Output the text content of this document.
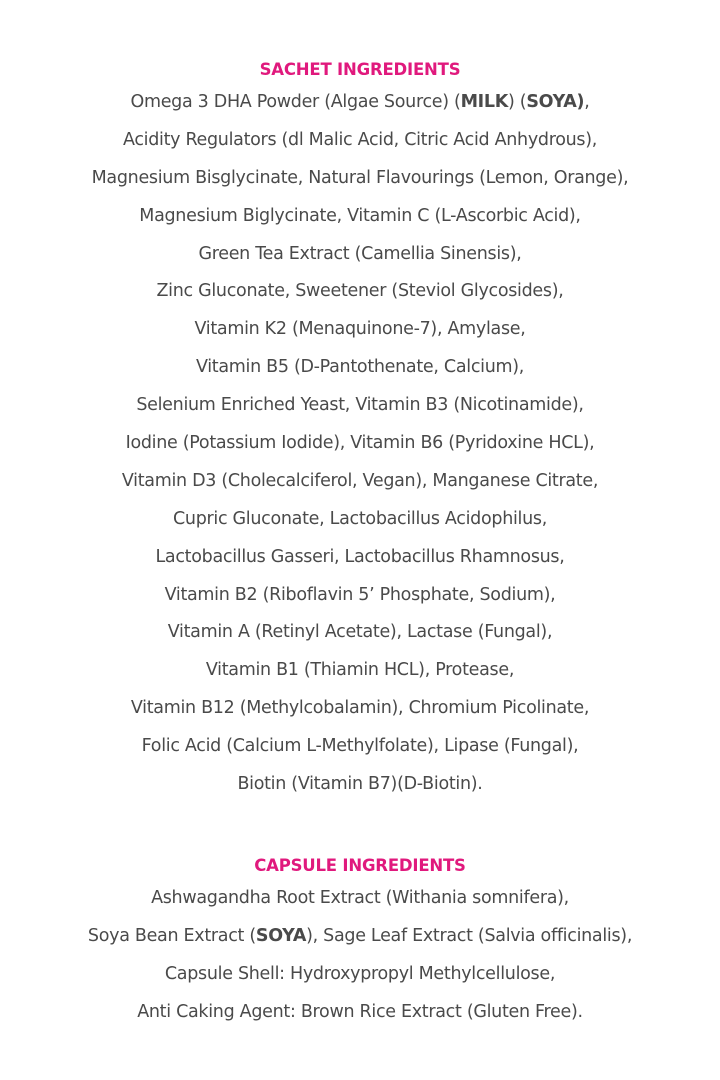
SACHET INGREDIENTS
Omega 3 DHA Powder (Algae Source) (MILK) (SOYA),
Acidity Regulators (dl Malic Acid, Citric Acid Anhydrous),
Magnesium Bisglycinate, Natural Flavourings (Lemon, Orange),
Magnesium Biglycinate, Vitamin C (L-Ascorbic Acid),
Green Tea Extract (Camellia Sinensis),
Zinc Gluconate, Sweetener (Steviol Glycosides),
Vitamin K2 (Menaquinone-7), Amylase,
Vitamin B5 (D-Pantothenate, Calcium),
Selenium Enriched Yeast, Vitamin B3 (Nicotinamide),
Iodine (Potassium Iodide), Vitamin B6 (Pyridoxine HCL),
Vitamin D3 (Cholecalciferol, Vegan), Manganese Citrate,
Cupric Gluconate, Lactobacillus Acidophilus,
Lactobacillus Gasseri, Lactobacillus Rhamnosus,
Vitamin B2 (Riboflavin 5’ Phosphate, Sodium),
Vitamin A (Retinyl Acetate), Lactase (Fungal),
Vitamin B1 (Thiamin HCL), Protease,
Vitamin B12 (Methylcobalamin), Chromium Picolinate,
Folic Acid (Calcium L-Methylfolate), Lipase (Fungal),
Biotin (Vitamin B7)(D-Biotin).
CAPSULE INGREDIENTS
Ashwagandha Root Extract (Withania somnifera),
Soya Bean Extract (SOYA), Sage Leaf Extract (Salvia officinalis),
Capsule Shell: Hydroxypropyl Methylcellulose,
Anti Caking Agent: Brown Rice Extract (Gluten Free).
